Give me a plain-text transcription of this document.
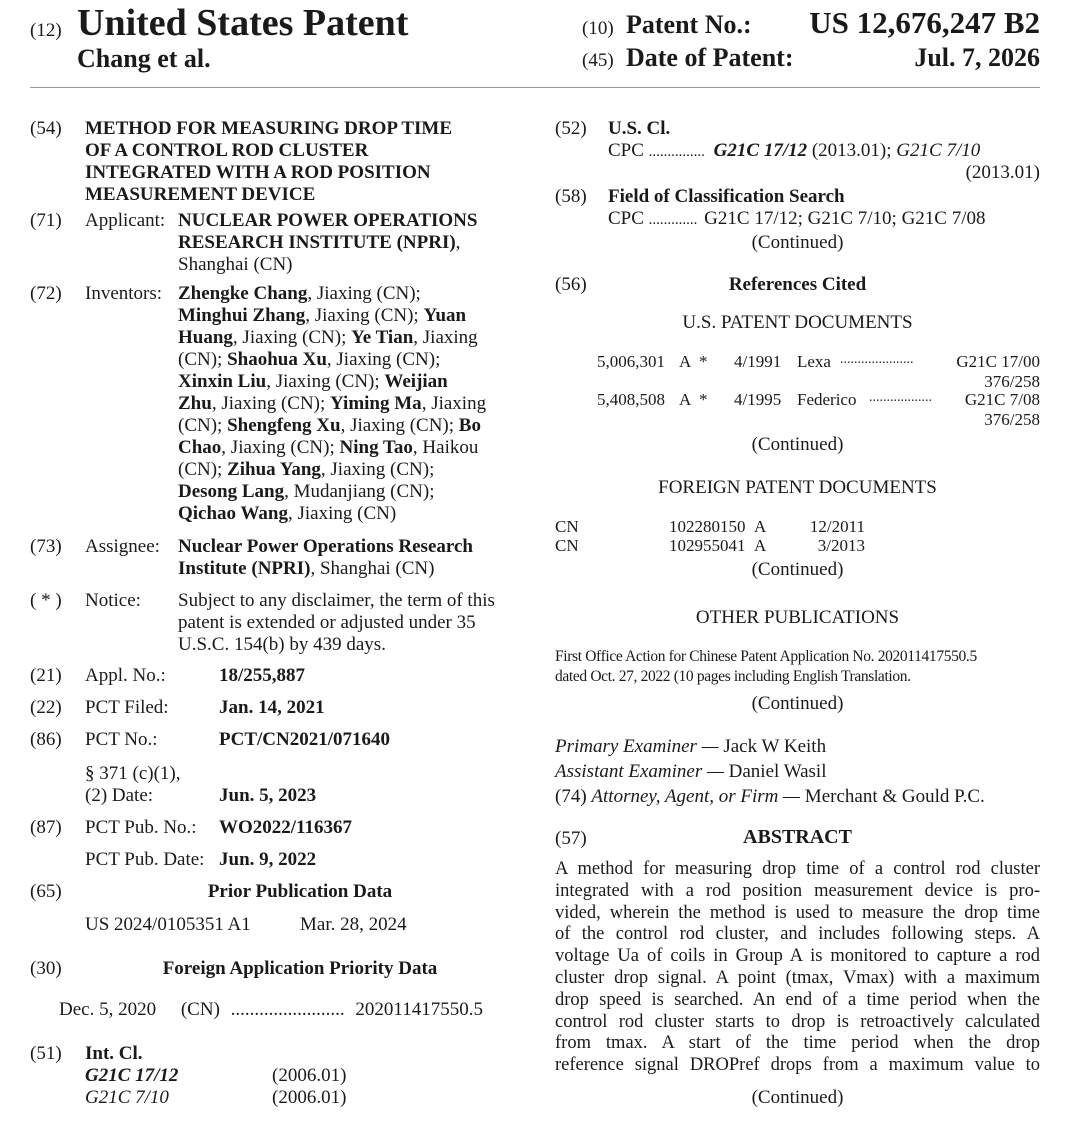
(12) United States Patent
Chang et al.
(10) Patent No.: US 12,676,247 B2
(45) Date of Patent:	Jul. 7, 2026
(54) METHOD FOR MEASURING DROP TIME
OF A CONTROL ROD CLUSTER
INTEGRATED WITH A ROD POSITION
MEASUREMENT DEVICE
(71) Applicant: NUCLEAR POWER OPERATIONS
RESEARCH INSTITUTE (NPRI),
Shanghai (CN)
(72) Inventors: Zhengke Chang, Jiaxing (CN);
Minghui Zhang, Jiaxing (CN); Yuan
Huang, Jiaxing (CN); Ye Tian, Jiaxing
(CN); Shaohua Xu, Jiaxing (CN);
Xinxin Liu, Jiaxing (CN); Weijian
Zhu, Jiaxing (CN); Yiming Ma, Jiaxing
(CN); Shengfeng Xu, Jiaxing (CN); Bo
Chao, Jiaxing (CN); Ning Tao, Haikou
(CN); Zihua Yang, Jiaxing (CN);
Desong Lang, Mudanjiang (CN);
Qichao Wang, Jiaxing (CN)
(73) Assignee: Nuclear Power Operations Research
Institute (NPRI), Shanghai (CN)
( * ) Notice: Subject to any disclaimer, the term of this
patent is extended or adjusted under 35
U.S.C. 154(b) by 439 days.
(21) Appl. No.:	18/255,887
(22) PCT Filed:	Jan. 14, 2021
(86) PCT No.:	PCT/CN2021/071640
§ 371 (c)(1),
(2) Date:	Jun. 5, 2023
(87) PCT Pub. No.: WO2022/116367
PCT Pub. Date: Jun. 9, 2022
(65)	Prior Publication Data
US 2024/0105351 A1	Mar. 28, 2024
(30)	Foreign Application Priority Data
Dec. 5, 2020 (CN) ........................ 202011417550.5
(51) Int. Cl.
G21C 17/12	(2006.01)
G21C 7/10	(2006.01)
(52) U.S. Cl.
CPC ............... G21C 17/12 (2013.01); G21C 7/10
(2013.01)
(58) Field of Classification Search
CPC ............. G21C 17/12; G21C 7/10; G21C 7/08
(Continued)
(56)	References Cited
U.S. PATENT DOCUMENTS
5,006,301 A * 4/1991 Lexa .....................	G21C 17/00
376/258
5,408,508 A * 4/1995 Federico .................. G21C 7/08
376/258
(Continued)
FOREIGN PATENT DOCUMENTS
CN	102280150 A	12/2011
CN	102955041 A	3/2013
(Continued)
OTHER PUBLICATIONS
First Office Action for Chinese Patent Application No. 202011417550.5
dated Oct. 27, 2022 (10 pages including English Translation.
(Continued)
Primary Examiner — Jack W Keith
Assistant Examiner — Daniel Wasil
(74) Attorney, Agent, or Firm — Merchant & Gould P.C.
(57)	ABSTRACT
A method for measuring drop time of a control rod cluster
integrated with a rod position measurement device is pro-
vided, wherein the method is used to measure the drop time
of the control rod cluster, and includes following steps. A
voltage Ua of coils in Group A is monitored to capture a rod
cluster drop signal. A point (tmax, Vmax) with a maximum
drop speed is searched. An end of a time period when the
control rod cluster starts to drop is retroactively calculated
from tmax. A start of the time period when the drop
reference signal DROPref drops from a maximum value to
(Continued)
